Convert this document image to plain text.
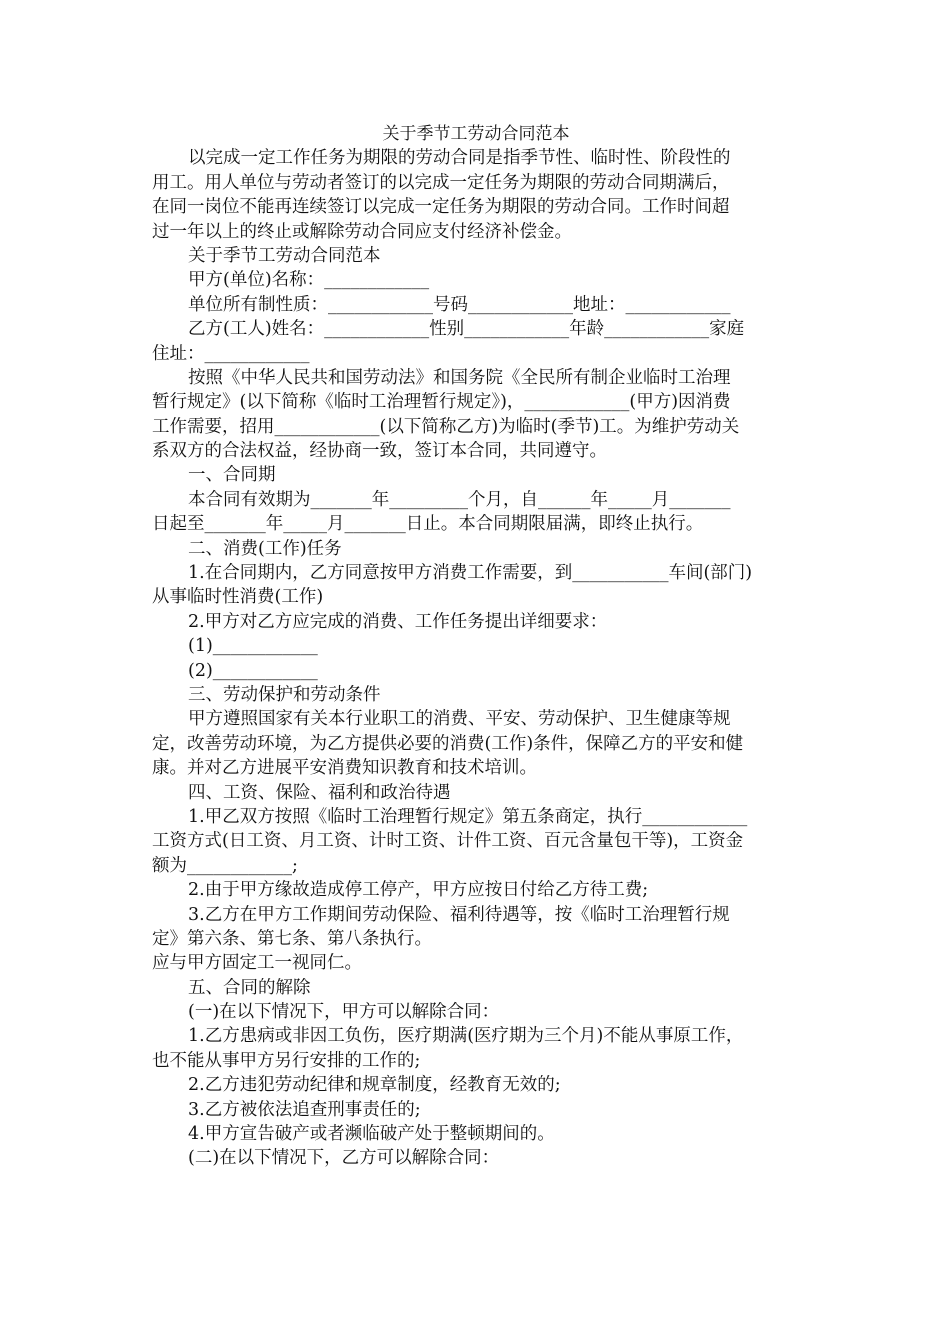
关于季节工劳动合同范本
以完成一定工作任务为期限的劳动合同是指季节性、临时性、阶段性的
用工。用人单位与劳动者签订的以完成一定任务为期限的劳动合同期满后，
在同一岗位不能再连续签订以完成一定任务为期限的劳动合同。工作时间超
过一年以上的终止或解除劳动合同应支付经济补偿金。
关于季节工劳动合同范本
甲方(单位)名称：____________
单位所有制性质：____________号码____________地址：____________
乙方(工人)姓名：____________性别____________年龄____________家庭
住址：____________
按照《中华人民共和国劳动法》和国务院《全民所有制企业临时工治理
暂行规定》(以下简称《临时工治理暂行规定》)，____________(甲方)因消费
工作需要，招用____________(以下简称乙方)为临时(季节)工。为维护劳动关
系双方的合法权益，经协商一致，签订本合同，共同遵守。
一、合同期
本合同有效期为_______年_________个月，自______年_____月_______
日起至_______年_____月_______日止。本合同期限届满，即终止执行。
二、消费(工作)任务
1.在合同期内，乙方同意按甲方消费工作需要，到___________车间(部门)
从事临时性消费(工作)
2.甲方对乙方应完成的消费、工作任务提出详细要求：
(1)____________
(2)____________
三、劳动保护和劳动条件
甲方遵照国家有关本行业职工的消费、平安、劳动保护、卫生健康等规
定，改善劳动环境，为乙方提供必要的消费(工作)条件，保障乙方的平安和健
康。并对乙方进展平安消费知识教育和技术培训。
四、工资、保险、福利和政治待遇
1.甲乙双方按照《临时工治理暂行规定》第五条商定，执行____________
工资方式(日工资、月工资、计时工资、计件工资、百元含量包干等)，工资金
额为____________;
2.由于甲方缘故造成停工停产，甲方应按日付给乙方待工费;
3.乙方在甲方工作期间劳动保险、福利待遇等，按《临时工治理暂行规
定》第六条、第七条、第八条执行。
应与甲方固定工一视同仁。
五、合同的解除
(一)在以下情况下，甲方可以解除合同：
1.乙方患病或非因工负伤，医疗期满(医疗期为三个月)不能从事原工作，
也不能从事甲方另行安排的工作的;
2.乙方违犯劳动纪律和规章制度，经教育无效的;
3.乙方被依法追查刑事责任的;
4.甲方宣告破产或者濒临破产处于整顿期间的。
(二)在以下情况下，乙方可以解除合同：
